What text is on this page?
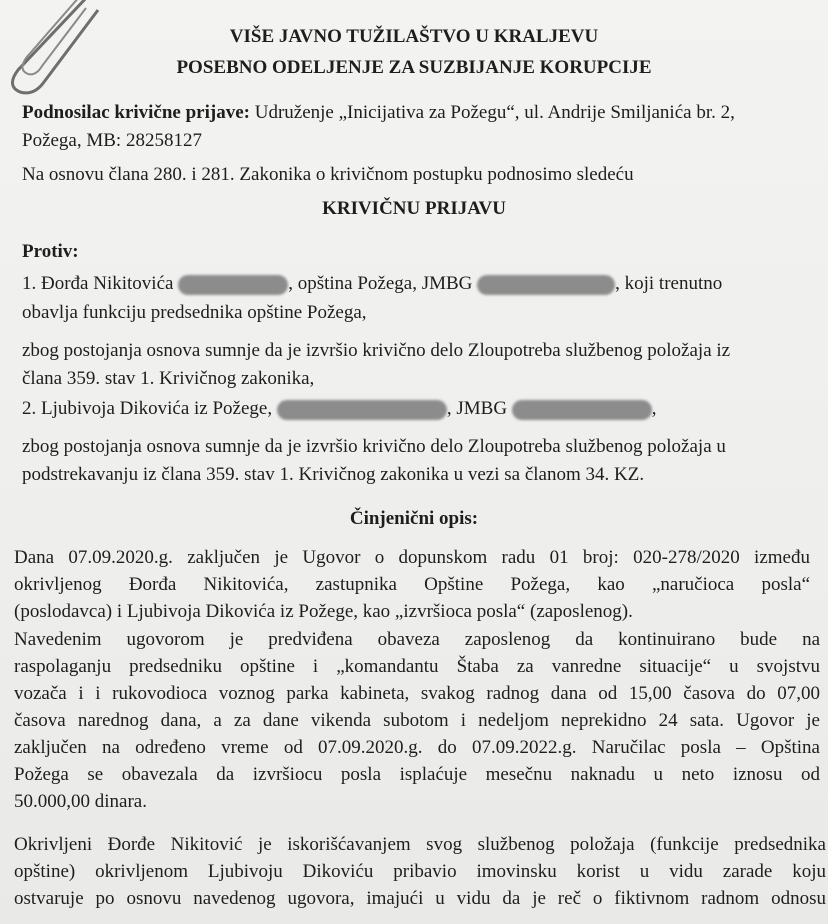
VIŠE JAVNO TUŽILAŠTVO U KRALJEVU
POSEBNO ODELJENJE ZA SUZBIJANJE KORUPCIJE
Podnosilac krivične prijave: Udruženje „Inicijativa za Požegu“, ul. Andrije Smiljanića br. 2,
Požega, MB: 28258127
Na osnovu člana 280. i 281. Zakonika o krivičnom postupku podnosimo sledeću
KRIVIČNU PRIJAVU
Protiv:
1. Đorđa Nikitovića	, opština Požega, JMBG	, koji trenutno
obavlja funkciju predsednika opštine Požega,
zbog postojanja osnova sumnje da je izvršio krivično delo Zloupotreba službenog položaja iz
člana 359. stav 1. Krivičnog zakonika,
2. Ljubivoja Dikovića iz Požege,	, JMBG	,
zbog postojanja osnova sumnje da je izvršio krivično delo Zloupotreba službenog položaja u
podstrekavanju iz člana 359. stav 1. Krivičnog zakonika u vezi sa članom 34. KZ.
Činjenični opis:
Dana 07.09.2020.g. zaključen je Ugovor o dopunskom radu 01 broj: 020-278/2020 između
okrivljenog Đorđa Nikitovića, zastupnika Opštine Požega, kao „naručioca posla“
(poslodavca) i Ljubivoja Dikovića iz Požege, kao „izvršioca posla“ (zaposlenog).
Navedenim ugovorom je predviđena obaveza zaposlenog da kontinuirano bude na
raspolaganju predsedniku opštine i „komandantu Štaba za vanredne situacije“ u svojstvu
vozača i i rukovodioca voznog parka kabineta, svakog radnog dana od 15,00 časova do 07,00
časova narednog dana, a za dane vikenda subotom i nedeljom neprekidno 24 sata. Ugovor je
zaključen na određeno vreme od 07.09.2020.g. do 07.09.2022.g. Naručilac posla – Opština
Požega se obavezala da izvršiocu posla isplaćuje mesečnu naknadu u neto iznosu od
50.000,00 dinara.
Okrivljeni Đorđe Nikitović je iskorišćavanjem svog službenog položaja (funkcije predsednika
opštine) okrivljenom Ljubivoju Dikoviću pribavio imovinsku korist u vidu zarade koju
ostvaruje po osnovu navedenog ugovora, imajući u vidu da je reč o fiktivnom radnom odnosu
